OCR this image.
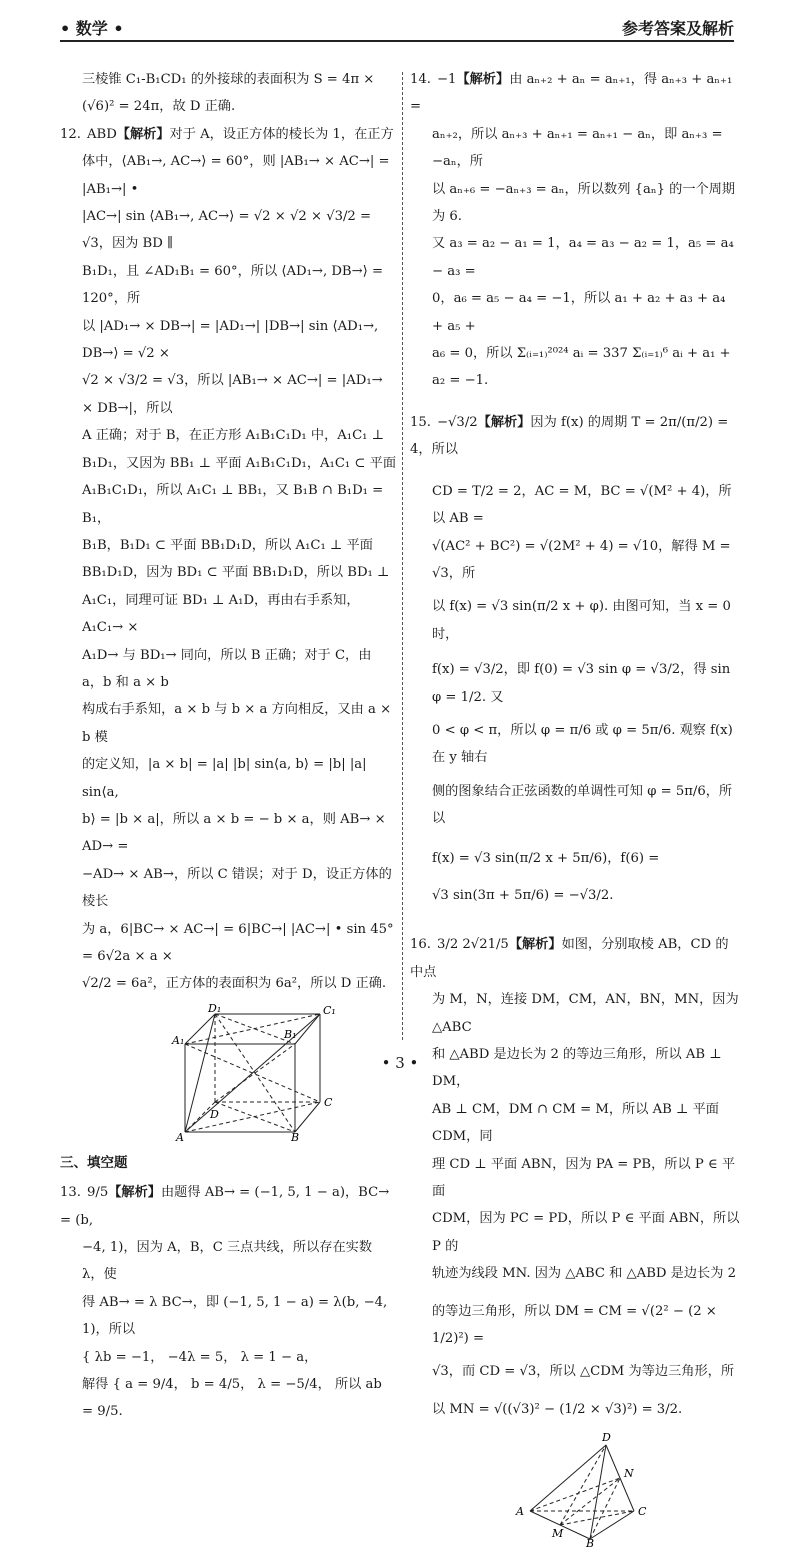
• 数学 •	参考答案及解析
三棱锥 C₁-B₁CD₁ 的外接球的表面积为 S = 4π ×
(√6)² = 24π，故 D 正确.
12. ABD【解析】对于 A，设正方体的棱长为 1，在正方
体中，⟨AB₁→, AC→⟩ = 60°，则 |AB₁→ × AC→| = |AB₁→| •
|AC→| sin ⟨AB₁→, AC→⟩ = √2 × √2 × √3/2 = √3，因为 BD ∥
B₁D₁，且 ∠AD₁B₁ = 60°，所以 ⟨AD₁→, DB→⟩ = 120°，所
以 |AD₁→ × DB→| = |AD₁→| |DB→| sin ⟨AD₁→, DB→⟩ = √2 ×
√2 × √3/2 = √3，所以 |AB₁→ × AC→| = |AD₁→ × DB→|，所以
A 正确；对于 B，在正方形 A₁B₁C₁D₁ 中，A₁C₁ ⊥
B₁D₁，又因为 BB₁ ⊥ 平面 A₁B₁C₁D₁，A₁C₁ ⊂ 平面
A₁B₁C₁D₁，所以 A₁C₁ ⊥ BB₁，又 B₁B ∩ B₁D₁ = B₁，
B₁B，B₁D₁ ⊂ 平面 BB₁D₁D，所以 A₁C₁ ⊥ 平面
BB₁D₁D，因为 BD₁ ⊂ 平面 BB₁D₁D，所以 BD₁ ⊥
A₁C₁，同理可证 BD₁ ⊥ A₁D，再由右手系知，A₁C₁→ ×
A₁D→ 与 BD₁→ 同向，所以 B 正确；对于 C，由 a，b 和 a × b
构成右手系知，a × b 与 b × a 方向相反，又由 a × b 模
的定义知，|a × b| = |a| |b| sin⟨a, b⟩ = |b| |a| sin⟨a,
b⟩ = |b × a|，所以 a × b = − b × a，则 AB→ × AD→ =
−AD→ × AB→，所以 C 错误；对于 D，设正方体的棱长
为 a，6|BC→ × AC→| = 6|BC→| |AC→| • sin 45° = 6√2a × a ×
√2/2 = 6a²，正方体的表面积为 6a²，所以 D 正确.
D₁	C₁
A₁	B₁
D
C
A	B
三、填空题
13. 9/5【解析】由题得 AB→ = (−1, 5, 1 − a)，BC→ = (b,
−4, 1)，因为 A，B，C 三点共线，所以存在实数 λ，使
得 AB→ = λ BC→，即 (−1, 5, 1 − a) = λ(b, −4, 1)，所以
{ λb = −1， −4λ = 5， λ = 1 − a，
解得 { a = 9/4， b = 4/5， λ = −5/4， 所以 ab = 9/5.
14. −1【解析】由 aₙ₊₂ + aₙ = aₙ₊₁，得 aₙ₊₃ + aₙ₊₁ =
aₙ₊₂，所以 aₙ₊₃ + aₙ₊₁ = aₙ₊₁ − aₙ，即 aₙ₊₃ = −aₙ，所
以 aₙ₊₆ = −aₙ₊₃ = aₙ，所以数列 {aₙ} 的一个周期为 6.
又 a₃ = a₂ − a₁ = 1，a₄ = a₃ − a₂ = 1，a₅ = a₄ − a₃ =
0，a₆ = a₅ − a₄ = −1，所以 a₁ + a₂ + a₃ + a₄ + a₅ +
a₆ = 0，所以 Σ₍ᵢ₌₁₎²⁰²⁴ aᵢ = 337 Σ₍ᵢ₌₁₎⁶ aᵢ + a₁ + a₂ = −1.
15. −√3/2【解析】因为 f(x) 的周期 T = 2π/(π/2) = 4，所以
CD = T/2 = 2，AC = M，BC = √(M² + 4)，所以 AB =
√(AC² + BC²) = √(2M² + 4) = √10，解得 M = √3，所
以 f(x) = √3 sin(π/2 x + φ). 由图可知，当 x = 0 时，
f(x) = √3/2，即 f(0) = √3 sin φ = √3/2，得 sin φ = 1/2. 又
0 < φ < π，所以 φ = π/6 或 φ = 5π/6. 观察 f(x) 在 y 轴右
侧的图象结合正弦函数的单调性可知 φ = 5π/6，所以
f(x) = √3 sin(π/2 x + 5π/6)，f(6) =
√3 sin(3π + 5π/6) = −√3/2.
16. 3/2 2√21/5【解析】如图，分别取棱 AB，CD 的中点
为 M，N，连接 DM，CM，AN，BN，MN，因为 △ABC
和 △ABD 是边长为 2 的等边三角形，所以 AB ⊥ DM，
AB ⊥ CM，DM ∩ CM = M，所以 AB ⊥ 平面 CDM，同
理 CD ⊥ 平面 ABN，因为 PA = PB，所以 P ∈ 平面
CDM，因为 PC = PD，所以 P ∈ 平面 ABN，所以 P 的
轨迹为线段 MN. 因为 △ABC 和 △ABD 是边长为 2
的等边三角形，所以 DM = CM = √(2² − (2 × 1/2)²) =
√3，而 CD = √3，所以 △CDM 为等边三角形，所
以 MN = √((√3)² − (1/2 × √3)²) = 3/2.
D
N
A	C
M
B
• 3 •
